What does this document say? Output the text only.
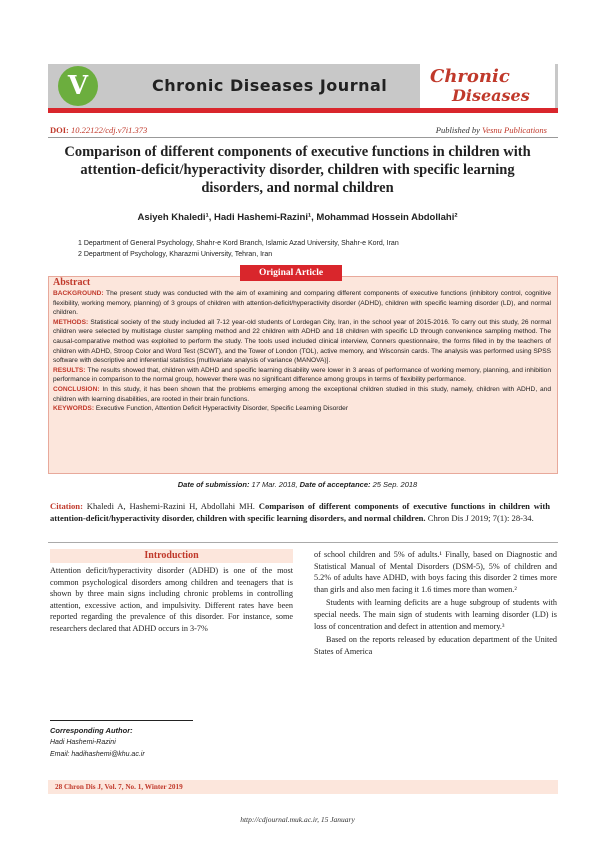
V	Chronic Diseases Journal Chronic
Diseases
DOI: 10.22122/cdj.v7i1.373	Published by Vesnu Publications
Comparison of different components of executive functions in children with attention-deficit/hyperactivity disorder, children with specific learning disorders, and normal children
Asiyeh Khaledi¹, Hadi Hashemi-Razini¹, Mohammad Hossein Abdollahi²
1 Department of General Psychology, Shahr-e Kord Branch, Islamic Azad University, Shahr-e Kord, Iran
2 Department of Psychology, Kharazmi University, Tehran, Iran
Original Article
Abstract
BACKGROUND: The present study was conducted with the aim of examining and comparing different components of executive functions (inhibitory control, cognitive flexibility, working memory, planning) of 3 groups of children with attention-deficit/hyperactivity disorder (ADHD), children with specific learning disorder (LD), and normal children.
METHODS: Statistical society of the study included all 7-12 year-old students of Lordegan City, Iran, in the school year of 2015-2016. To carry out this study, 26 normal children were selected by multistage cluster sampling method and 22 children with ADHD and 18 children with specific LD through convenience sampling method. The causal-comparative method was exploited to perform the study. The tools used included clinical interview, Conners questionnaire, the forms filled in by the teachers of children with ADHD, Stroop Color and Word Test (SCWT), and the Tower of London (TOL), active memory, and Wisconsin cards. The analysis was performed using SPSS software with descriptive and inferential statistics [multivariate analysis of variance (MANOVA)].
RESULTS: The results showed that, children with ADHD and specific learning disability were lower in 3 areas of performance of working memory, planning, and inhibition performance in comparison to the normal group, however there was no significant difference among groups in terms of flexibility performance.
CONCLUSION: In this study, it has been shown that the problems emerging among the exceptional children studied in this study, namely, children with ADHD, and children with learning disabilities, are rooted in their brain functions.
KEYWORDS: Executive Function, Attention Deficit Hyperactivity Disorder, Specific Learning Disorder
Date of submission: 17 Mar. 2018, Date of acceptance: 25 Sep. 2018
Citation: Khaledi A, Hashemi-Razini H, Abdollahi MH. Comparison of different components of executive functions in children with attention-deficit/hyperactivity disorder, children with specific learning disorders, and normal children. Chron Dis J 2019; 7(1): 28-34.
Introduction
Attention deficit/hyperactivity disorder (ADHD) is one of the most common psychological disorders among children and teenagers that is shown by three main signs including chronic problems in controlling attention, excessive action, and impulsivity. Different rates have been reported regarding the prevalence of this disorder. For instance, some researchers declared that ADHD occurs in 3-7%

of school children and 5% of adults.¹ Finally, based on Diagnostic and Statistical Manual of Mental Disorders (DSM-5), 5% of children and 5.2% of adults have ADHD, with boys facing this disorder 2 times more than girls and also men facing it 1.6 times more than women.²

Students with learning deficits are a huge subgroup of students with special needs. The main sign of students with learning disorder (LD) is loss of concentration and defect in attention and memory.³

Based on the reports released by education department of the United States of America

Corresponding Author:
Hadi Hashemi-Razini
Email: hadihashemi@khu.ac.ir
28 Chron Dis J, Vol. 7, No. 1, Winter 2019
http://cdjournal.muk.ac.ir, 15 January
